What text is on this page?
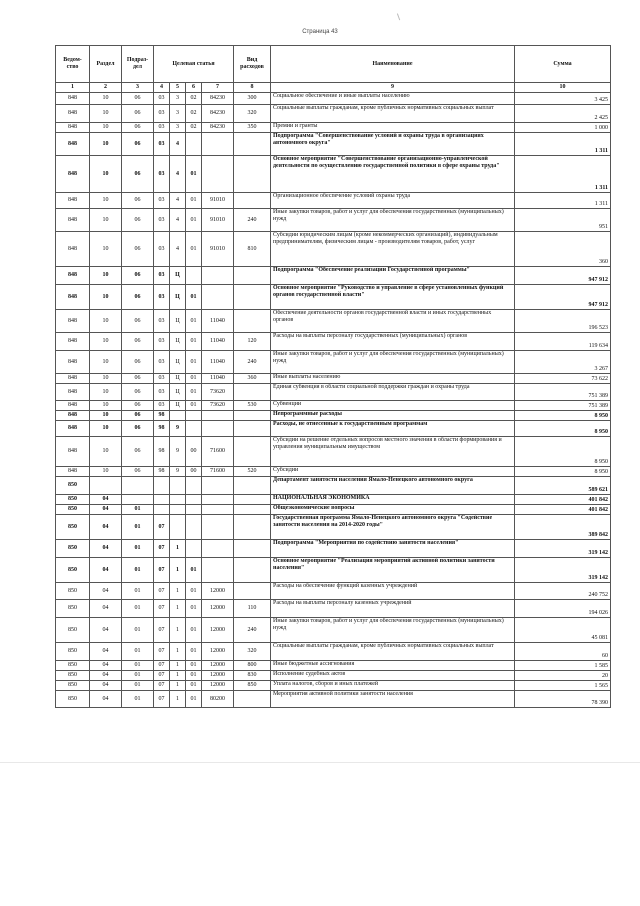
Страница 43
Ведом-ство	Раздел	Подраз-дел	Целевая статья				Вид расходов	Наименование	Сумма
1	2	3	4	5	6	7	8	9	10
848	10	06	03	3	02	84230	300	Социальное обеспечение и иные выплаты населению	3 425
848	10	06	03	3	02	84230	320	Социальные выплаты гражданам, кроме публичных нормативных социальных выплат	2 425
848	10	06	03	3	02	84230	350	Премии и гранты	1 000
848	10	06	03	4				Подпрограмма "Совершенствование условий и охраны труда в организациях автономного округа"	1 311
848	10	06	03	4	01			Основное мероприятие "Совершенствование организационно-управленческой деятельности по осуществлению государственной политики в сфере охраны труда"	1 311
848	10	06	03	4	01	91010		Организационное обеспечение условий охраны труда	1 311
848	10	06	03	4	01	91010	240	Иные закупки товаров, работ и услуг для обеспечения государственных (муниципальных) нужд	951
848	10	06	03	4	01	91010	810	Субсидии юридическим лицам (кроме некоммерческих организаций), индивидуальным предпринимателям, физическим лицам - производителям товаров, работ, услуг	360
848	10	06	03	Ц				Подпрограмма "Обеспечение реализации Государственной программы"	947 912
848	10	06	03	Ц	01			Основное мероприятие "Руководство и управление в сфере установленных функций органов государственной власти"	947 912
848	10	06	03	Ц	01	11040		Обеспечение деятельности органов государственной власти и иных государственных органов	196 523
848	10	06	03	Ц	01	11040	120	Расходы на выплаты персоналу государственных (муниципальных) органов	119 634
848	10	06	03	Ц	01	11040	240	Иные закупки товаров, работ и услуг для обеспечения государственных (муниципальных) нужд	3 267
848	10	06	03	Ц	01	11040	360	Иные выплаты населению	73 622
848	10	06	03	Ц	01	73620		Единая субвенция в области социальной поддержки граждан и охраны труда	751 389
848	10	06	03	Ц	01	73620	530	Субвенции	751 389
848	10	06	98					Непрограммные расходы	8 950
848	10	06	98	9				Расходы, не отнесенные к государственным программам	8 950
848	10	06	98	9	00	71600		Субсидии на решение отдельных вопросов местного значения в области формирования и управления муниципальным имуществом	8 950
848	10	06	98	9	00	71600	520	Субсидии	8 950
850								Департамент занятости населения Ямало-Ненецкого автономного округа	589 621
850	04							НАЦИОНАЛЬНАЯ ЭКОНОМИКА	401 842
850	04	01						Общеэкономические вопросы	401 842
850	04	01	07					Государственная программа Ямало-Ненецкого автономного округа "Содействие занятости населения на 2014-2020 годы"	389 842
850	04	01	07	1				Подпрограмма "Мероприятия по содействию занятости населения"	319 142
850	04	01	07	1	01			Основное мероприятие "Реализация мероприятий активной политики занятости населения"	319 142
850	04	01	07	1	01	12000		Расходы на обеспечение функций казенных учреждений	240 752
850	04	01	07	1	01	12000	110	Расходы на выплаты персоналу казенных учреждений	194 026
850	04	01	07	1	01	12000	240	Иные закупки товаров, работ и услуг для обеспечения государственных (муниципальных) нужд	45 081
850	04	01	07	1	01	12000	320	Социальные выплаты гражданам, кроме публичных нормативных социальных выплат	60
850	04	01	07	1	01	12000	800	Иные бюджетные ассигнования	1 585
850	04	01	07	1	01	12000	830	Исполнение судебных актов	20
850	04	01	07	1	01	12000	850	Уплата налогов, сборов и иных платежей	1 565
850	04	01	07	1	01	80200		Мероприятия активной политики занятости населения	78 390
